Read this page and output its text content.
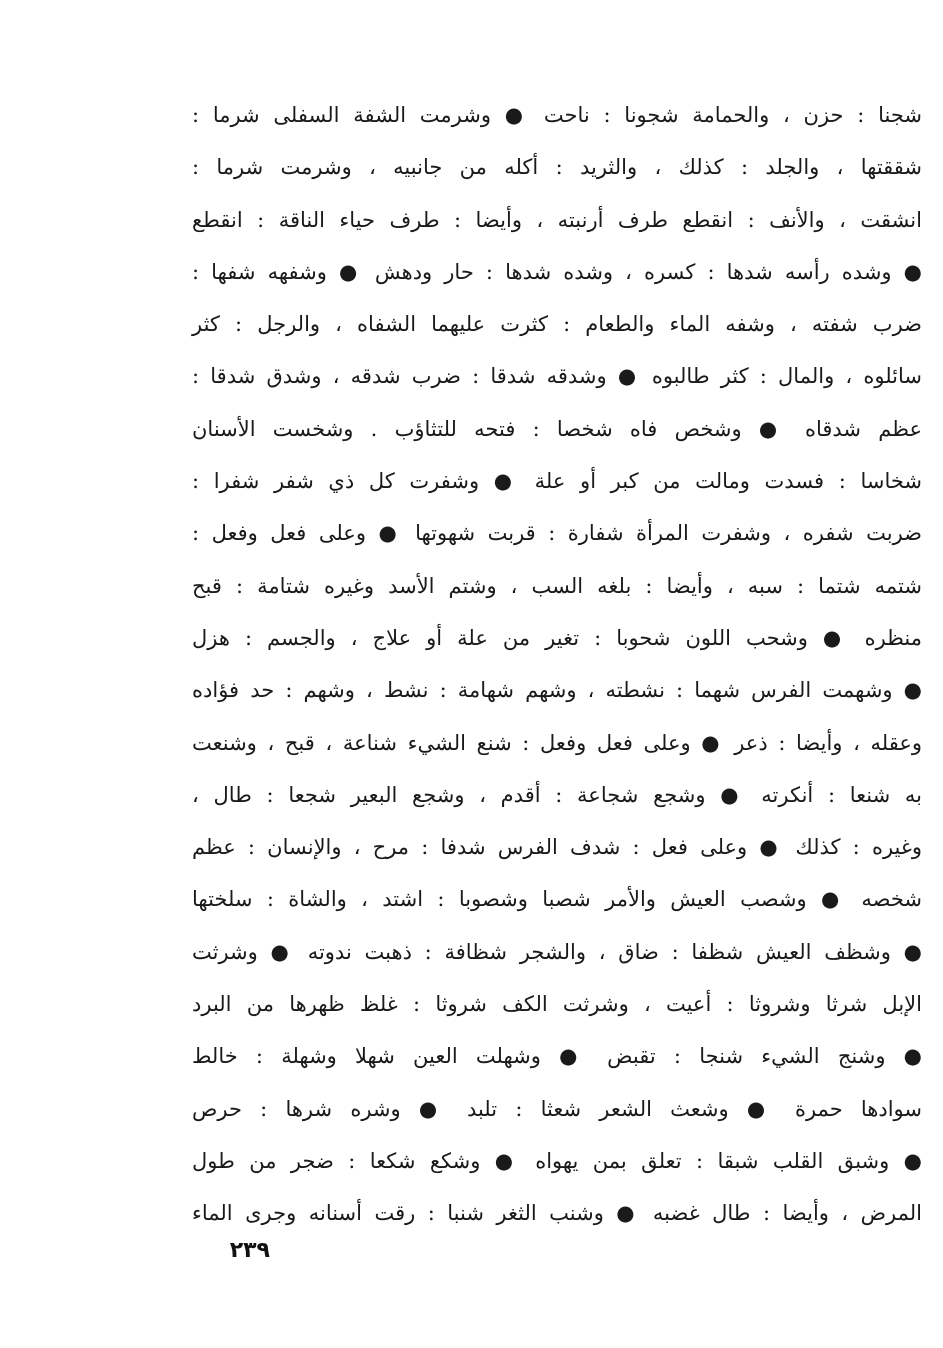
شجنا : حزن ، والحمامة شجونا : ناحت ● وشرمت الشفة السفلى شرما :
شققتها ، والجلد : كذلك ، والثريد : أكله من جانبيه ، وشرمت شرما :
انشقت ، والأنف : انقطع طرف أرنبته ، وأيضا : طرف حياء الناقة : انقطع
● وشده رأسه شدها : كسره ، وشده شدها : حار ودهش ● وشفهه شفها :
ضرب شفته ، وشفه الماء والطعام : كثرت عليهما الشفاه ، والرجل : كثر
سائلوه ، والمال : كثر طالبوه ● وشدقه شدقا : ضرب شدقه ، وشدق شدقا :
عظم شدقاه ● وشخص فاه شخصا : فتحه للتثاؤب . وشخست الأسنان
شخاسا : فسدت ومالت من كبر أو علة ● وشفرت كل ذي شفر شفرا :
ضربت شفره ، وشفرت المرأة شفارة : قربت شهوتها ● وعلى فعل وفعل :
شتمه شتما : سبه ، وأيضا : بلغه السب ، وشتم الأسد وغيره شتامة : قبح
منظره ● وشحب اللون شحوبا : تغير من علة أو علاج ، والجسم : هزل
● وشهمت الفرس شهما : نشطته ، وشهم شهامة : نشط ، وشهم : حد فؤاده
وعقله ، وأيضا : ذعر ● وعلى فعل وفعل : شنع الشيء شناعة ، قبح ، وشنعت
به شنعا : أنكرته ● وشجع شجاعة : أقدم ، وشجع البعير شجعا : طال ،
وغيره : كذلك ● وعلى فعل : شدف الفرس شدفا : مرح ، والإنسان : عظم
شخصه ● وشصب العيش والأمر شصبا وشصوبا : اشتد ، والشاة : سلختها
● وشظف العيش شظفا : ضاق ، والشجر شظافة : ذهبت ندوته ● وشرثت
الإبل شرثا وشروثا : أعيت ، وشرثت الكف شروثا : غلظ ظهرها من البرد
● وشنج الشيء شنجا : تقبض ● وشهلت العين شهلا وشهلة : خالط
سوادها حمرة ● وشعث الشعر شعثا : تلبد ● وشره شرها : حرص
● وشبق القلب شبقا : تعلق بمن يهواه ● وشكع شكعا : ضجر من طول
المرض ، وأيضا : طال غضبه ● وشنب الثغر شنبا : رقت أسنانه وجرى الماء
٢٣٩
